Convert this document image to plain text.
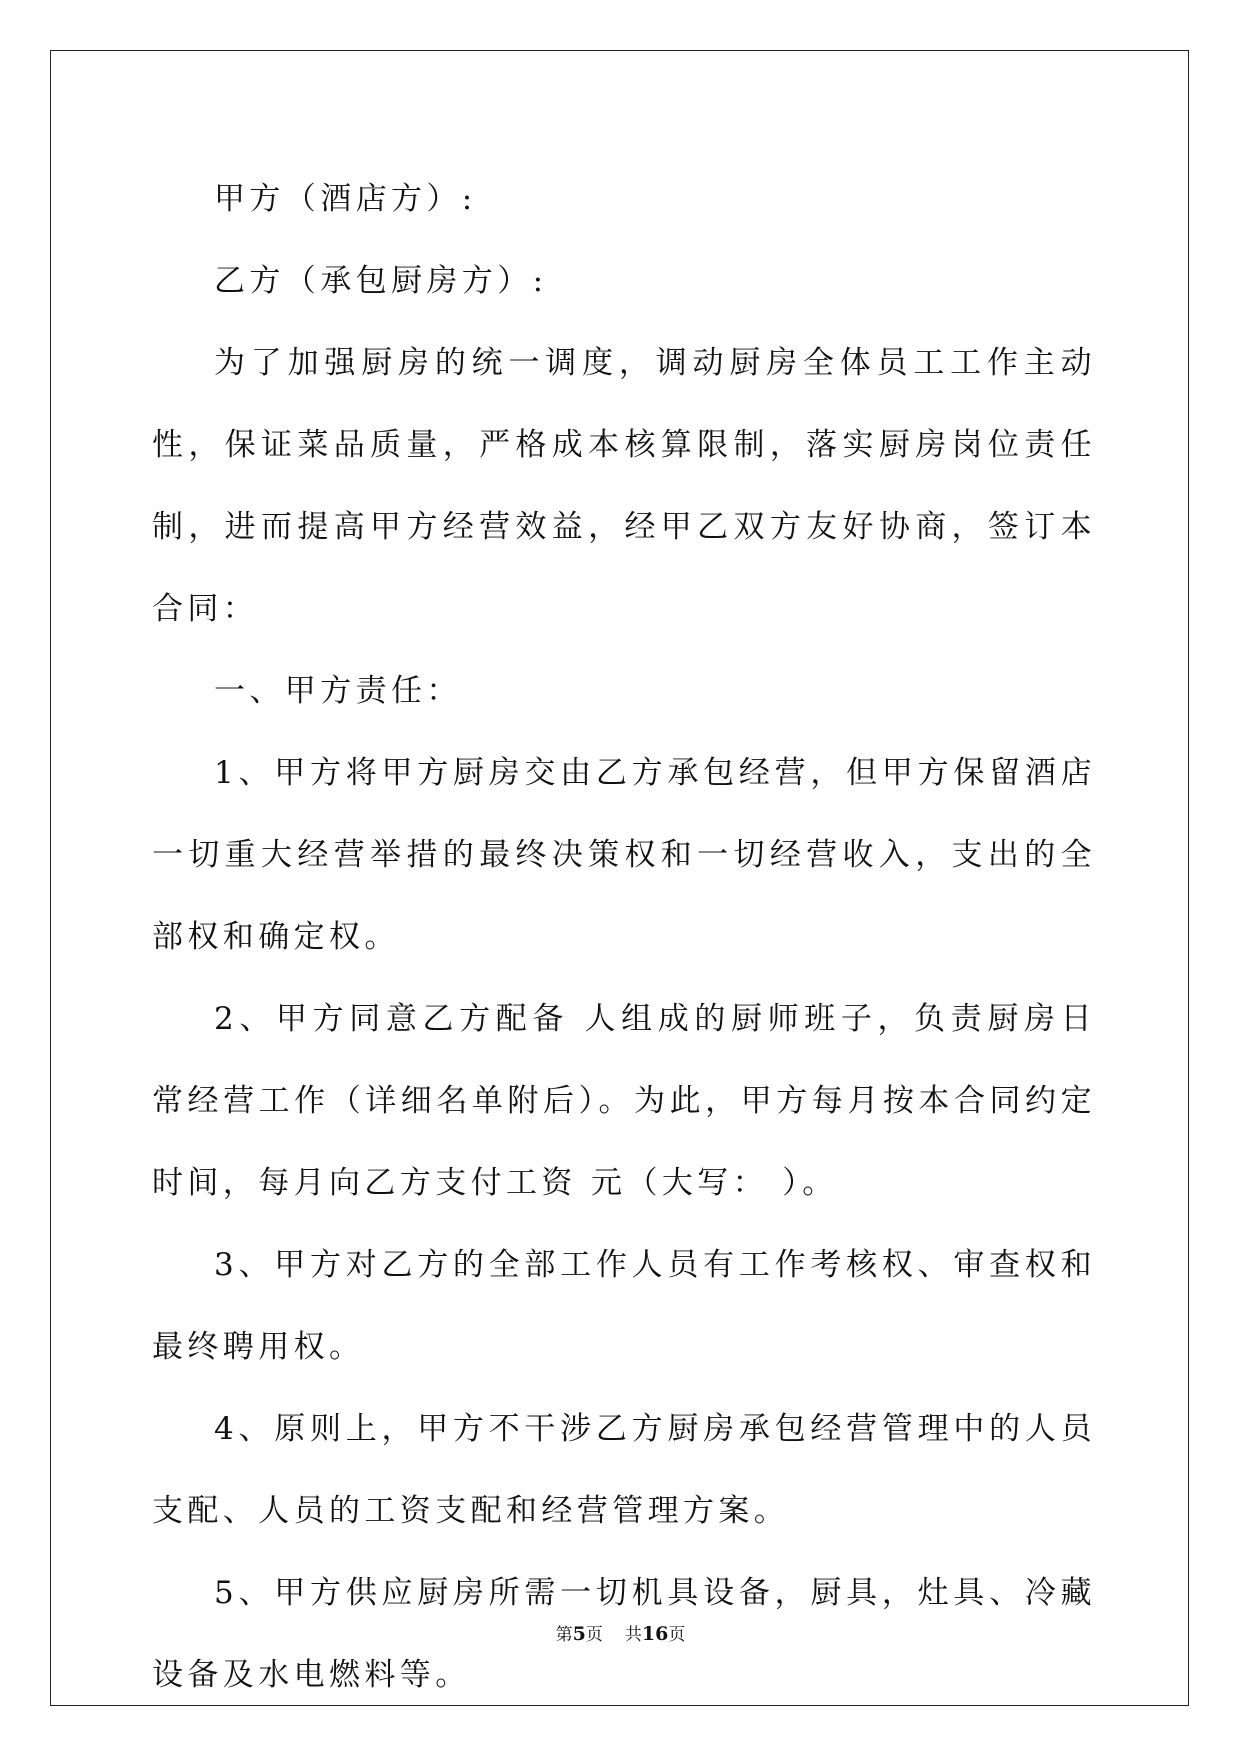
甲方（酒店方）:

乙方（承包厨房方）:

为了加强厨房的统一调度，调动厨房全体员工工作主动性，保证菜品质量，严格成本核算限制，落实厨房岗位责任制，进而提高甲方经营效益，经甲乙双方友好协商，签订本合同：

一、甲方责任：

1、甲方将甲方厨房交由乙方承包经营，但甲方保留酒店一切重大经营举措的最终决策权和一切经营收入，支出的全部权和确定权。

2、甲方同意乙方配备 人组成的厨师班子，负责厨房日常经营工作（详细名单附后）。为此，甲方每月按本合同约定时间，每月向乙方支付工资 元（大写： ）。

3、甲方对乙方的全部工作人员有工作考核权、审查权和最终聘用权。

4、原则上，甲方不干涉乙方厨房承包经营管理中的人员支配、人员的工资支配和经营管理方案。

5、甲方供应厨房所需一切机具设备，厨具，灶具、冷藏设备及水电燃料等。

第5页 共16页
